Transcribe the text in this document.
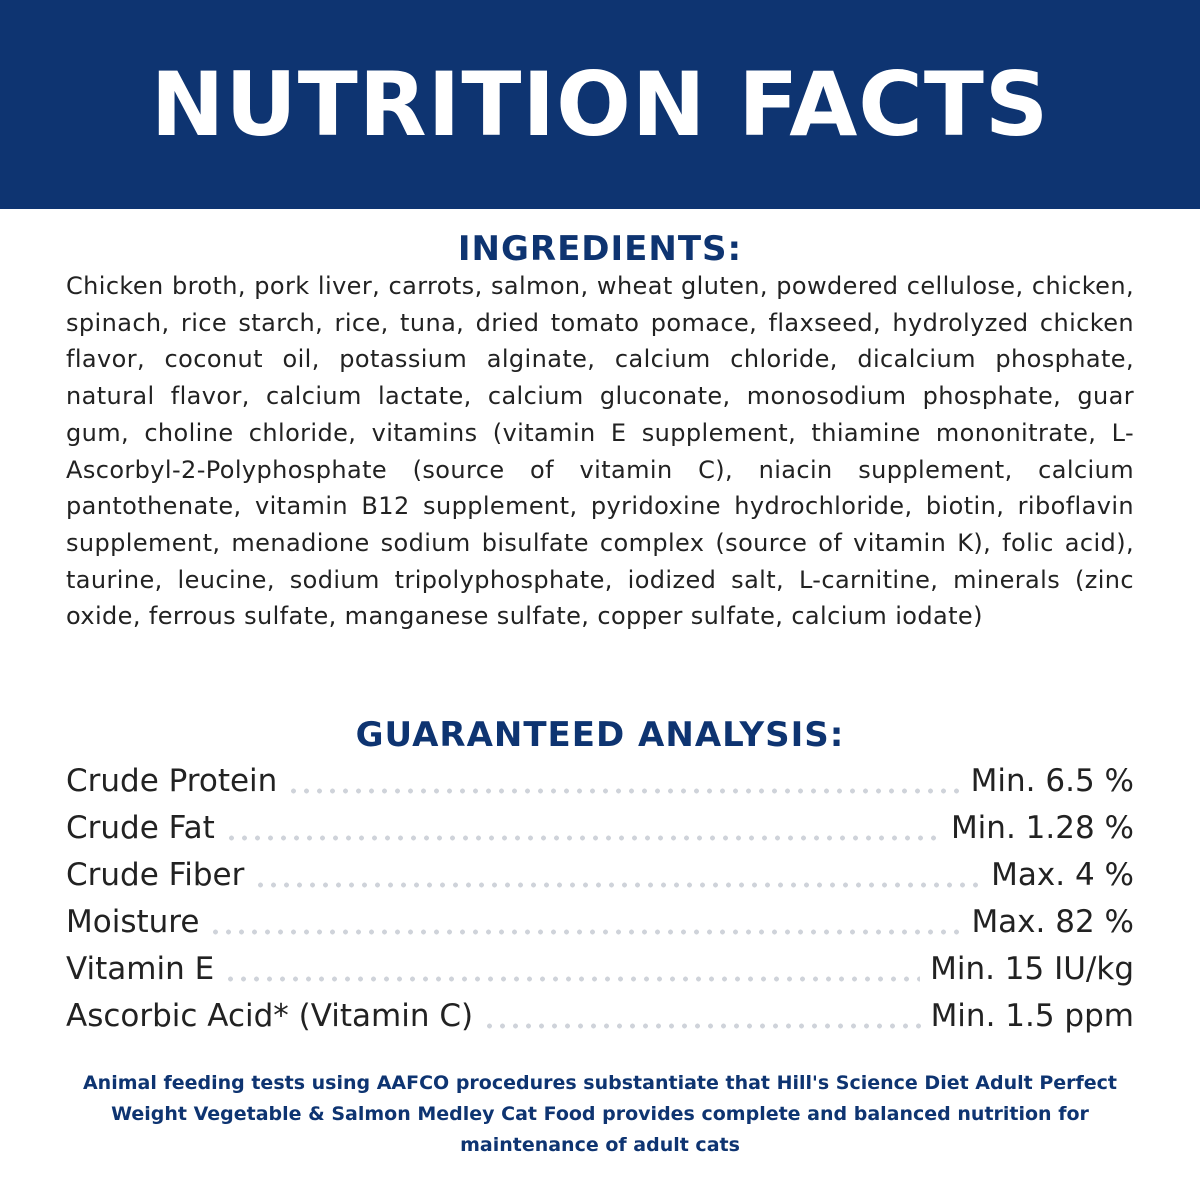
NUTRITION FACTS
INGREDIENTS:
Chicken broth, pork liver, carrots, salmon, wheat gluten, powdered cellulose, chicken, spinach, rice starch, rice, tuna, dried tomato pomace, flaxseed, hydrolyzed chicken flavor, coconut oil, potassium alginate, calcium chloride, dicalcium phosphate, natural flavor, calcium lactate, calcium gluconate, monosodium phosphate, guar gum, choline chloride, vitamins (vitamin E supplement, thiamine mononitrate, L-Ascorbyl-2-Polyphosphate (source of vitamin C), niacin supplement, calcium pantothenate, vitamin B12 supplement, pyridoxine hydrochloride, biotin, riboflavin supplement, menadione sodium bisulfate complex (source of vitamin K), folic acid), taurine, leucine, sodium tripolyphosphate, iodized salt, L-carnitine, minerals (zinc oxide, ferrous sulfate, manganese sulfate, copper sulfate, calcium iodate)
GUARANTEED ANALYSIS:
Crude Protein	Min. 6.5 %
Crude Fat	Min. 1.28 %
Crude Fiber	Max. 4 %
Moisture	Max. 82 %
Vitamin E	Min. 15 IU/kg
Ascorbic Acid* (Vitamin C)	Min. 1.5 ppm
Animal feeding tests using AAFCO procedures substantiate that Hill's Science Diet Adult Perfect Weight Vegetable & Salmon Medley Cat Food provides complete and balanced nutrition for maintenance of adult cats
